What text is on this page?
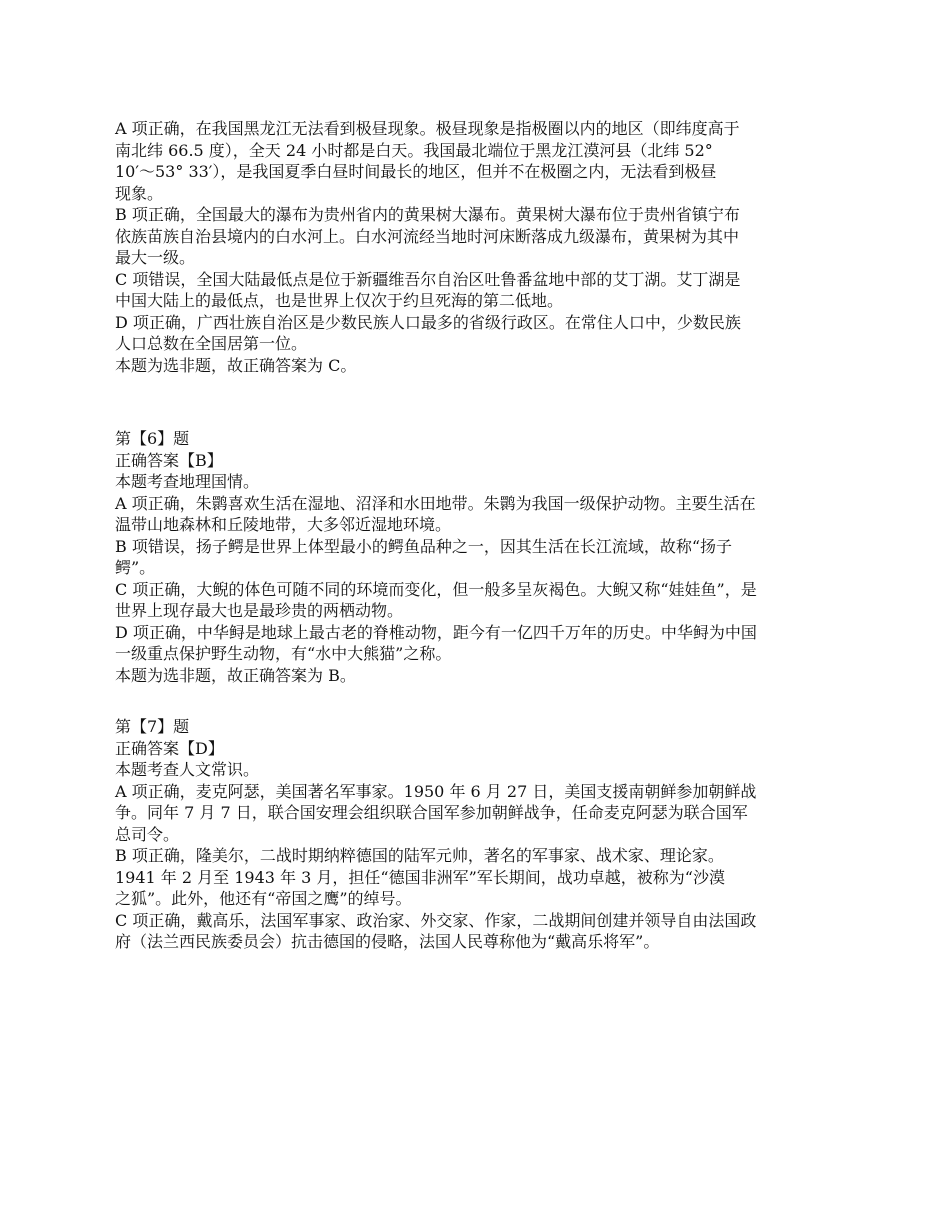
A 项正确，在我国黑龙江无法看到极昼现象。极昼现象是指极圈以内的地区（即纬度高于
南北纬 66.5 度），全天 24 小时都是白天。我国最北端位于黑龙江漠河县（北纬 52°
10′～53° 33′），是我国夏季白昼时间最长的地区，但并不在极圈之内，无法看到极昼
现象。
B 项正确，全国最大的瀑布为贵州省内的黄果树大瀑布。黄果树大瀑布位于贵州省镇宁布
依族苗族自治县境内的白水河上。白水河流经当地时河床断落成九级瀑布，黄果树为其中
最大一级。
C 项错误，全国大陆最低点是位于新疆维吾尔自治区吐鲁番盆地中部的艾丁湖。艾丁湖是
中国大陆上的最低点，也是世界上仅次于约旦死海的第二低地。
D 项正确，广西壮族自治区是少数民族人口最多的省级行政区。在常住人口中，少数民族
人口总数在全国居第一位。
本题为选非题，故正确答案为 C。
第【6】题
正确答案【B】
本题考查地理国情。
A 项正确，朱鹮喜欢生活在湿地、沼泽和水田地带。朱鹮为我国一级保护动物。主要生活在
温带山地森林和丘陵地带，大多邻近湿地环境。
B 项错误，扬子鳄是世界上体型最小的鳄鱼品种之一，因其生活在长江流域，故称“扬子
鳄”。
C 项正确，大鲵的体色可随不同的环境而变化，但一般多呈灰褐色。大鲵又称“娃娃鱼”，是
世界上现存最大也是最珍贵的两栖动物。
D 项正确，中华鲟是地球上最古老的脊椎动物，距今有一亿四千万年的历史。中华鲟为中国
一级重点保护野生动物，有“水中大熊猫”之称。
本题为选非题，故正确答案为 B。
第【7】题
正确答案【D】
本题考查人文常识。
A 项正确，麦克阿瑟，美国著名军事家。1950 年 6 月 27 日，美国支援南朝鲜参加朝鲜战
争。同年 7 月 7 日，联合国安理会组织联合国军参加朝鲜战争，任命麦克阿瑟为联合国军
总司令。
B 项正确，隆美尔，二战时期纳粹德国的陆军元帅，著名的军事家、战术家、理论家。
1941 年 2 月至 1943 年 3 月，担任“德国非洲军”军长期间，战功卓越，被称为“沙漠
之狐”。此外，他还有“帝国之鹰”的绰号。
C 项正确，戴高乐，法国军事家、政治家、外交家、作家，二战期间创建并领导自由法国政
府（法兰西民族委员会）抗击德国的侵略，法国人民尊称他为“戴高乐将军”。
